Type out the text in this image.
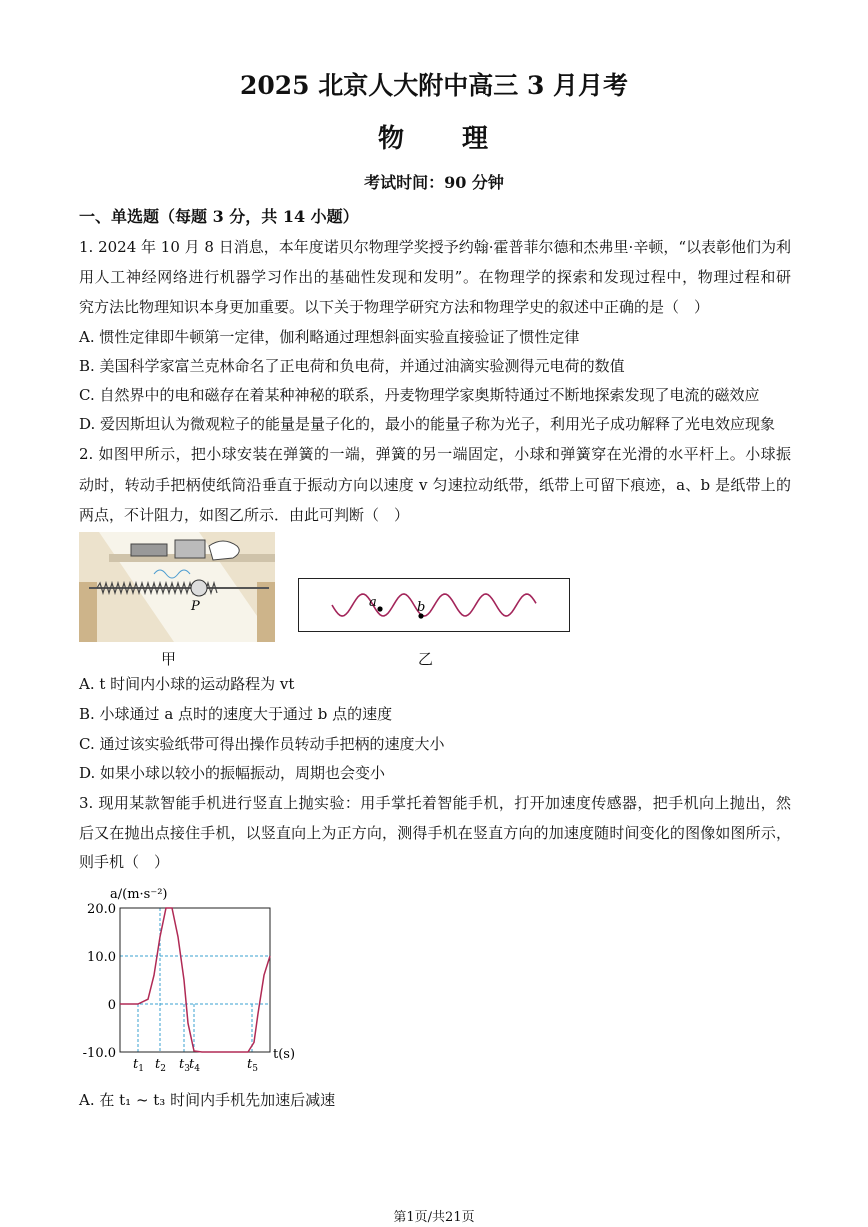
2025 北京人大附中高三 3 月月考
物　　理
考试时间：90 分钟
一、单选题（每题 3 分，共 14 小题）
1. 2024 年 10 月 8 日消息，本年度诺贝尔物理学奖授予约翰·霍普菲尔德和杰弗里·辛顿，“以表彰他们为利
用人工神经网络进行机器学习作出的基础性发现和发明”。在物理学的探索和发现过程中，物理过程和研
究方法比物理知识本身更加重要。以下关于物理学研究方法和物理学史的叙述中正确的是（　）
A. 惯性定律即牛顿第一定律，伽利略通过理想斜面实验直接验证了惯性定律
B. 美国科学家富兰克林命名了正电荷和负电荷，并通过油滴实验测得元电荷的数值
C. 自然界中的电和磁存在着某种神秘的联系，丹麦物理学家奥斯特通过不断地探索发现了电流的磁效应
D. 爱因斯坦认为微观粒子的能量是量子化的，最小的能量子称为光子，利用光子成功解释了光电效应现象
2. 如图甲所示，把小球安装在弹簧的一端，弹簧的另一端固定，小球和弹簧穿在光滑的水平杆上。小球振
动时，转动手把柄使纸筒沿垂直于振动方向以速度 v 匀速拉动纸带，纸带上可留下痕迹，a、b 是纸带上的
两点，不计阻力，如图乙所示．由此可判断（　）
P
甲
a	b
乙
A. t 时间内小球的运动路程为 vt
B. 小球通过 a 点时的速度大于通过 b 点的速度
C. 通过该实验纸带可得出操作员转动手把柄的速度大小
D. 如果小球以较小的振幅振动，周期也会变小
3. 现用某款智能手机进行竖直上抛实验：用手掌托着智能手机，打开加速度传感器，把手机向上抛出，然
后又在抛出点接住手机，以竖直向上为正方向，测得手机在竖直方向的加速度随时间变化的图像如图所示，
则手机（　）
20.0
10.0
0
-10.0
$t_1$ $t_2$ $t_3$ $t_4$	$t_5$
a/(m·s⁻²)
t(s)
A. 在 t₁ ~ t₃ 时间内手机先加速后减速
第1页/共21页
